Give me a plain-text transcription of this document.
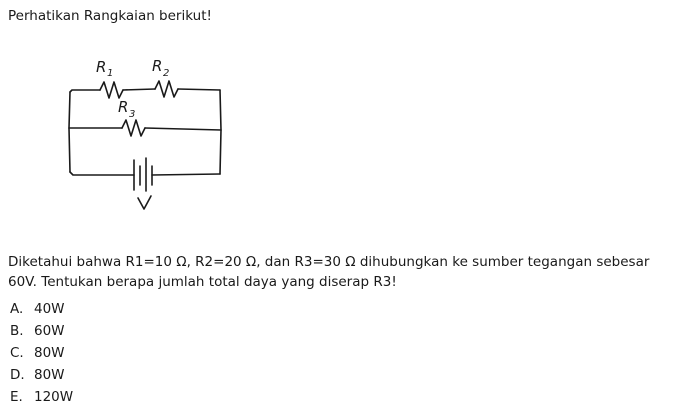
Perhatikan Rangkaian berikut!
R 1	R 2
R 3
Diketahui bahwa R1=10 Ω, R2=20 Ω, dan R3=30 Ω dihubungkan ke sumber tegangan sebesar 60V. Tentukan berapa jumlah total daya yang diserap R3!
A. 40W
B. 60W
C. 80W
D. 80W
E. 120W
